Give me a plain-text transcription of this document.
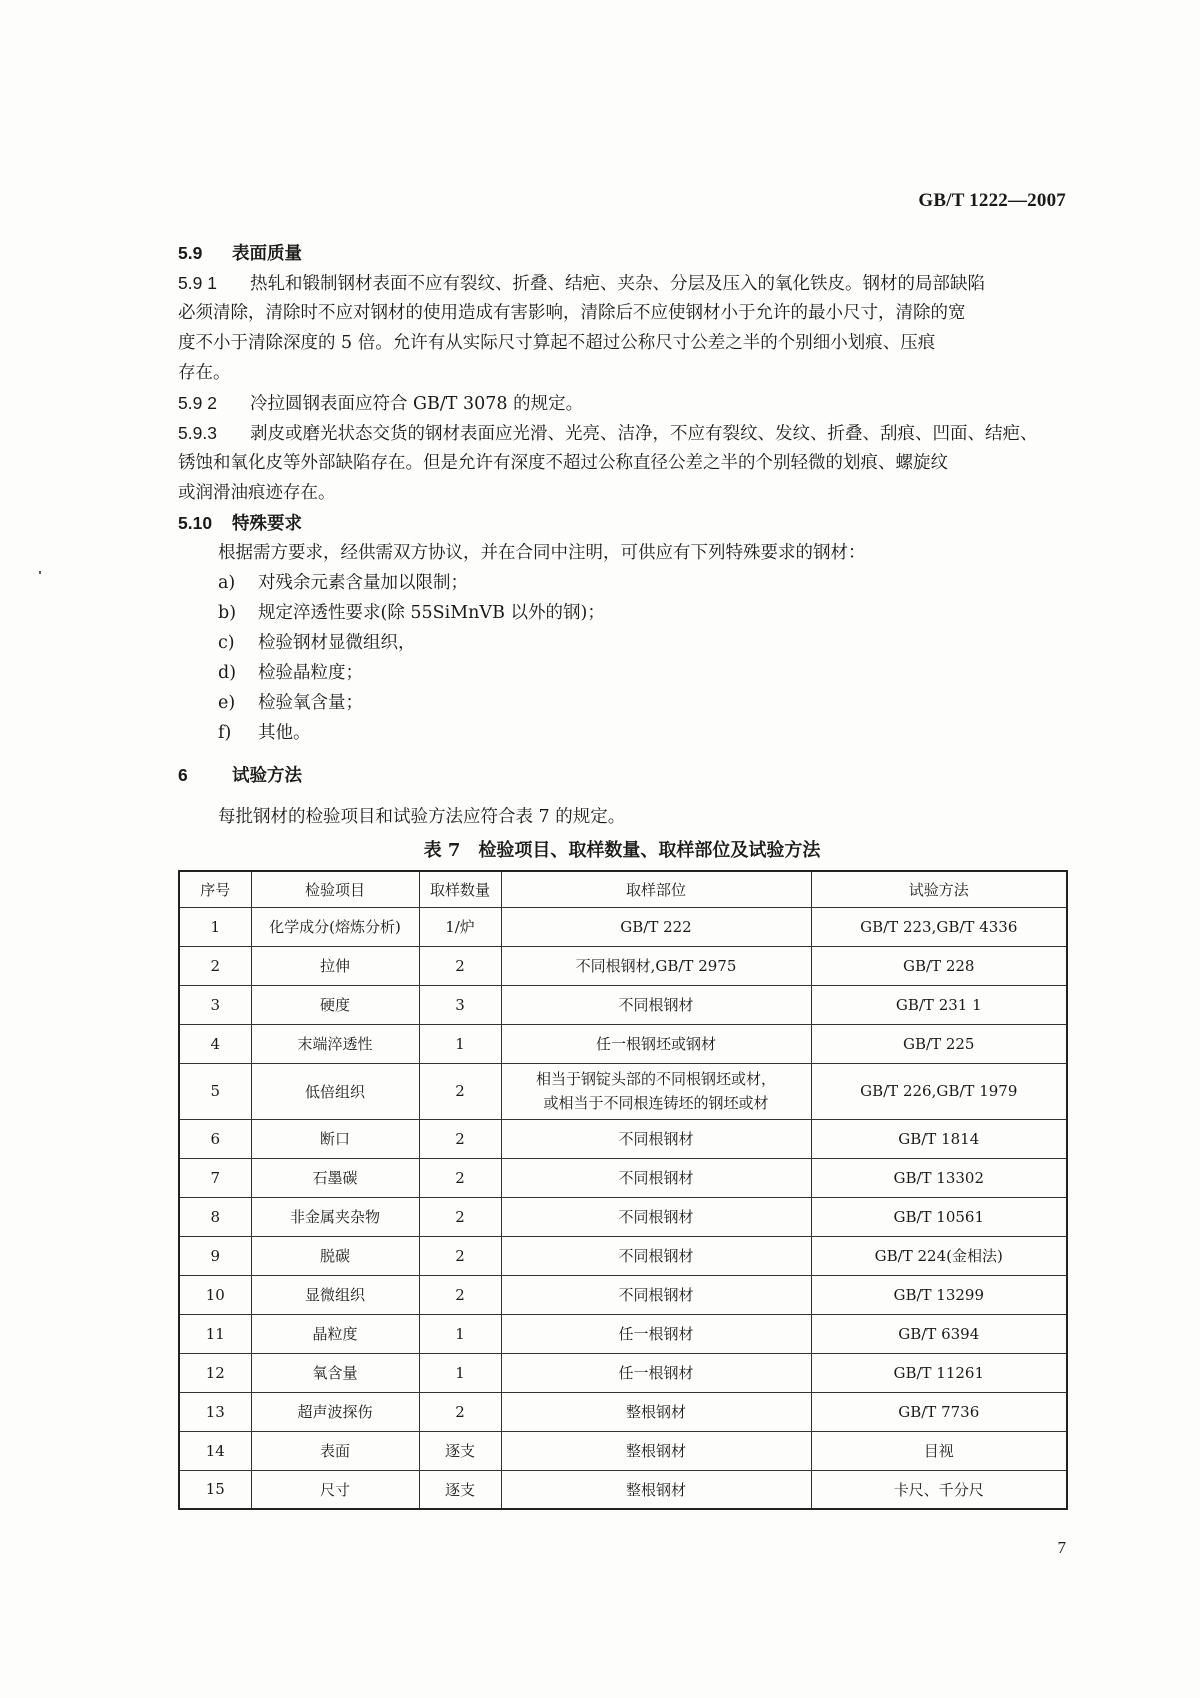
GB/T 1222—2007
5.9 表面质量
5.9 1 热轧和锻制钢材表面不应有裂纹、折叠、结疤、夹杂、分层及压入的氧化铁皮。钢材的局部缺陷
必须清除，清除时不应对钢材的使用造成有害影响，清除后不应使钢材小于允许的最小尺寸，清除的宽
度不小于清除深度的 5 倍。允许有从实际尺寸算起不超过公称尺寸公差之半的个别细小划痕、压痕
存在。
5.9 2 冷拉圆钢表面应符合 GB/T 3078 的规定。
5.9.3 剥皮或磨光状态交货的钢材表面应光滑、光亮、洁净，不应有裂纹、发纹、折叠、刮痕、凹面、结疤、
锈蚀和氧化皮等外部缺陷存在。但是允许有深度不超过公称直径公差之半的个别轻微的划痕、螺旋纹
或润滑油痕迹存在。
5.10 特殊要求
根据需方要求，经供需双方协议，并在合同中注明，可供应有下列特殊要求的钢材：
a) 对残余元素含量加以限制；
b) 规定淬透性要求(除 55SiMnVB 以外的钢)；
c) 检验钢材显微组织，
d) 检验晶粒度；
e) 检验氧含量；
f) 其他。
6	试验方法
每批钢材的检验项目和试验方法应符合表 7 的规定。
表 7　检验项目、取样数量、取样部位及试验方法
序号	检验项目	取样数量	取样部位	试验方法
1	化学成分(熔炼分析)	1/炉	GB/T 222	GB/T 223,GB/T 4336
2	拉伸	2	不同根钢材,GB/T 2975	GB/T 228
3	硬度	3	不同根钢材	GB/T 231 1
4	末端淬透性	1	任一根钢坯或钢材	GB/T 225
5	低倍组织	2	相当于钢锭头部的不同根钢坯或材，
或相当于不同根连铸坯的钢坯或材	GB/T 226,GB/T 1979
6	断口	2	不同根钢材	GB/T 1814
7	石墨碳	2	不同根钢材	GB/T 13302
8	非金属夹杂物	2	不同根钢材	GB/T 10561
9	脱碳	2	不同根钢材	GB/T 224(金相法)
10	显微组织	2	不同根钢材	GB/T 13299
11	晶粒度	1	任一根钢材	GB/T 6394
12	氧含量	1	任一根钢材	GB/T 11261
13	超声波探伤	2	整根钢材	GB/T 7736
14	表面	逐支	整根钢材	目视
15	尺寸	逐支	整根钢材	卡尺、千分尺
7
